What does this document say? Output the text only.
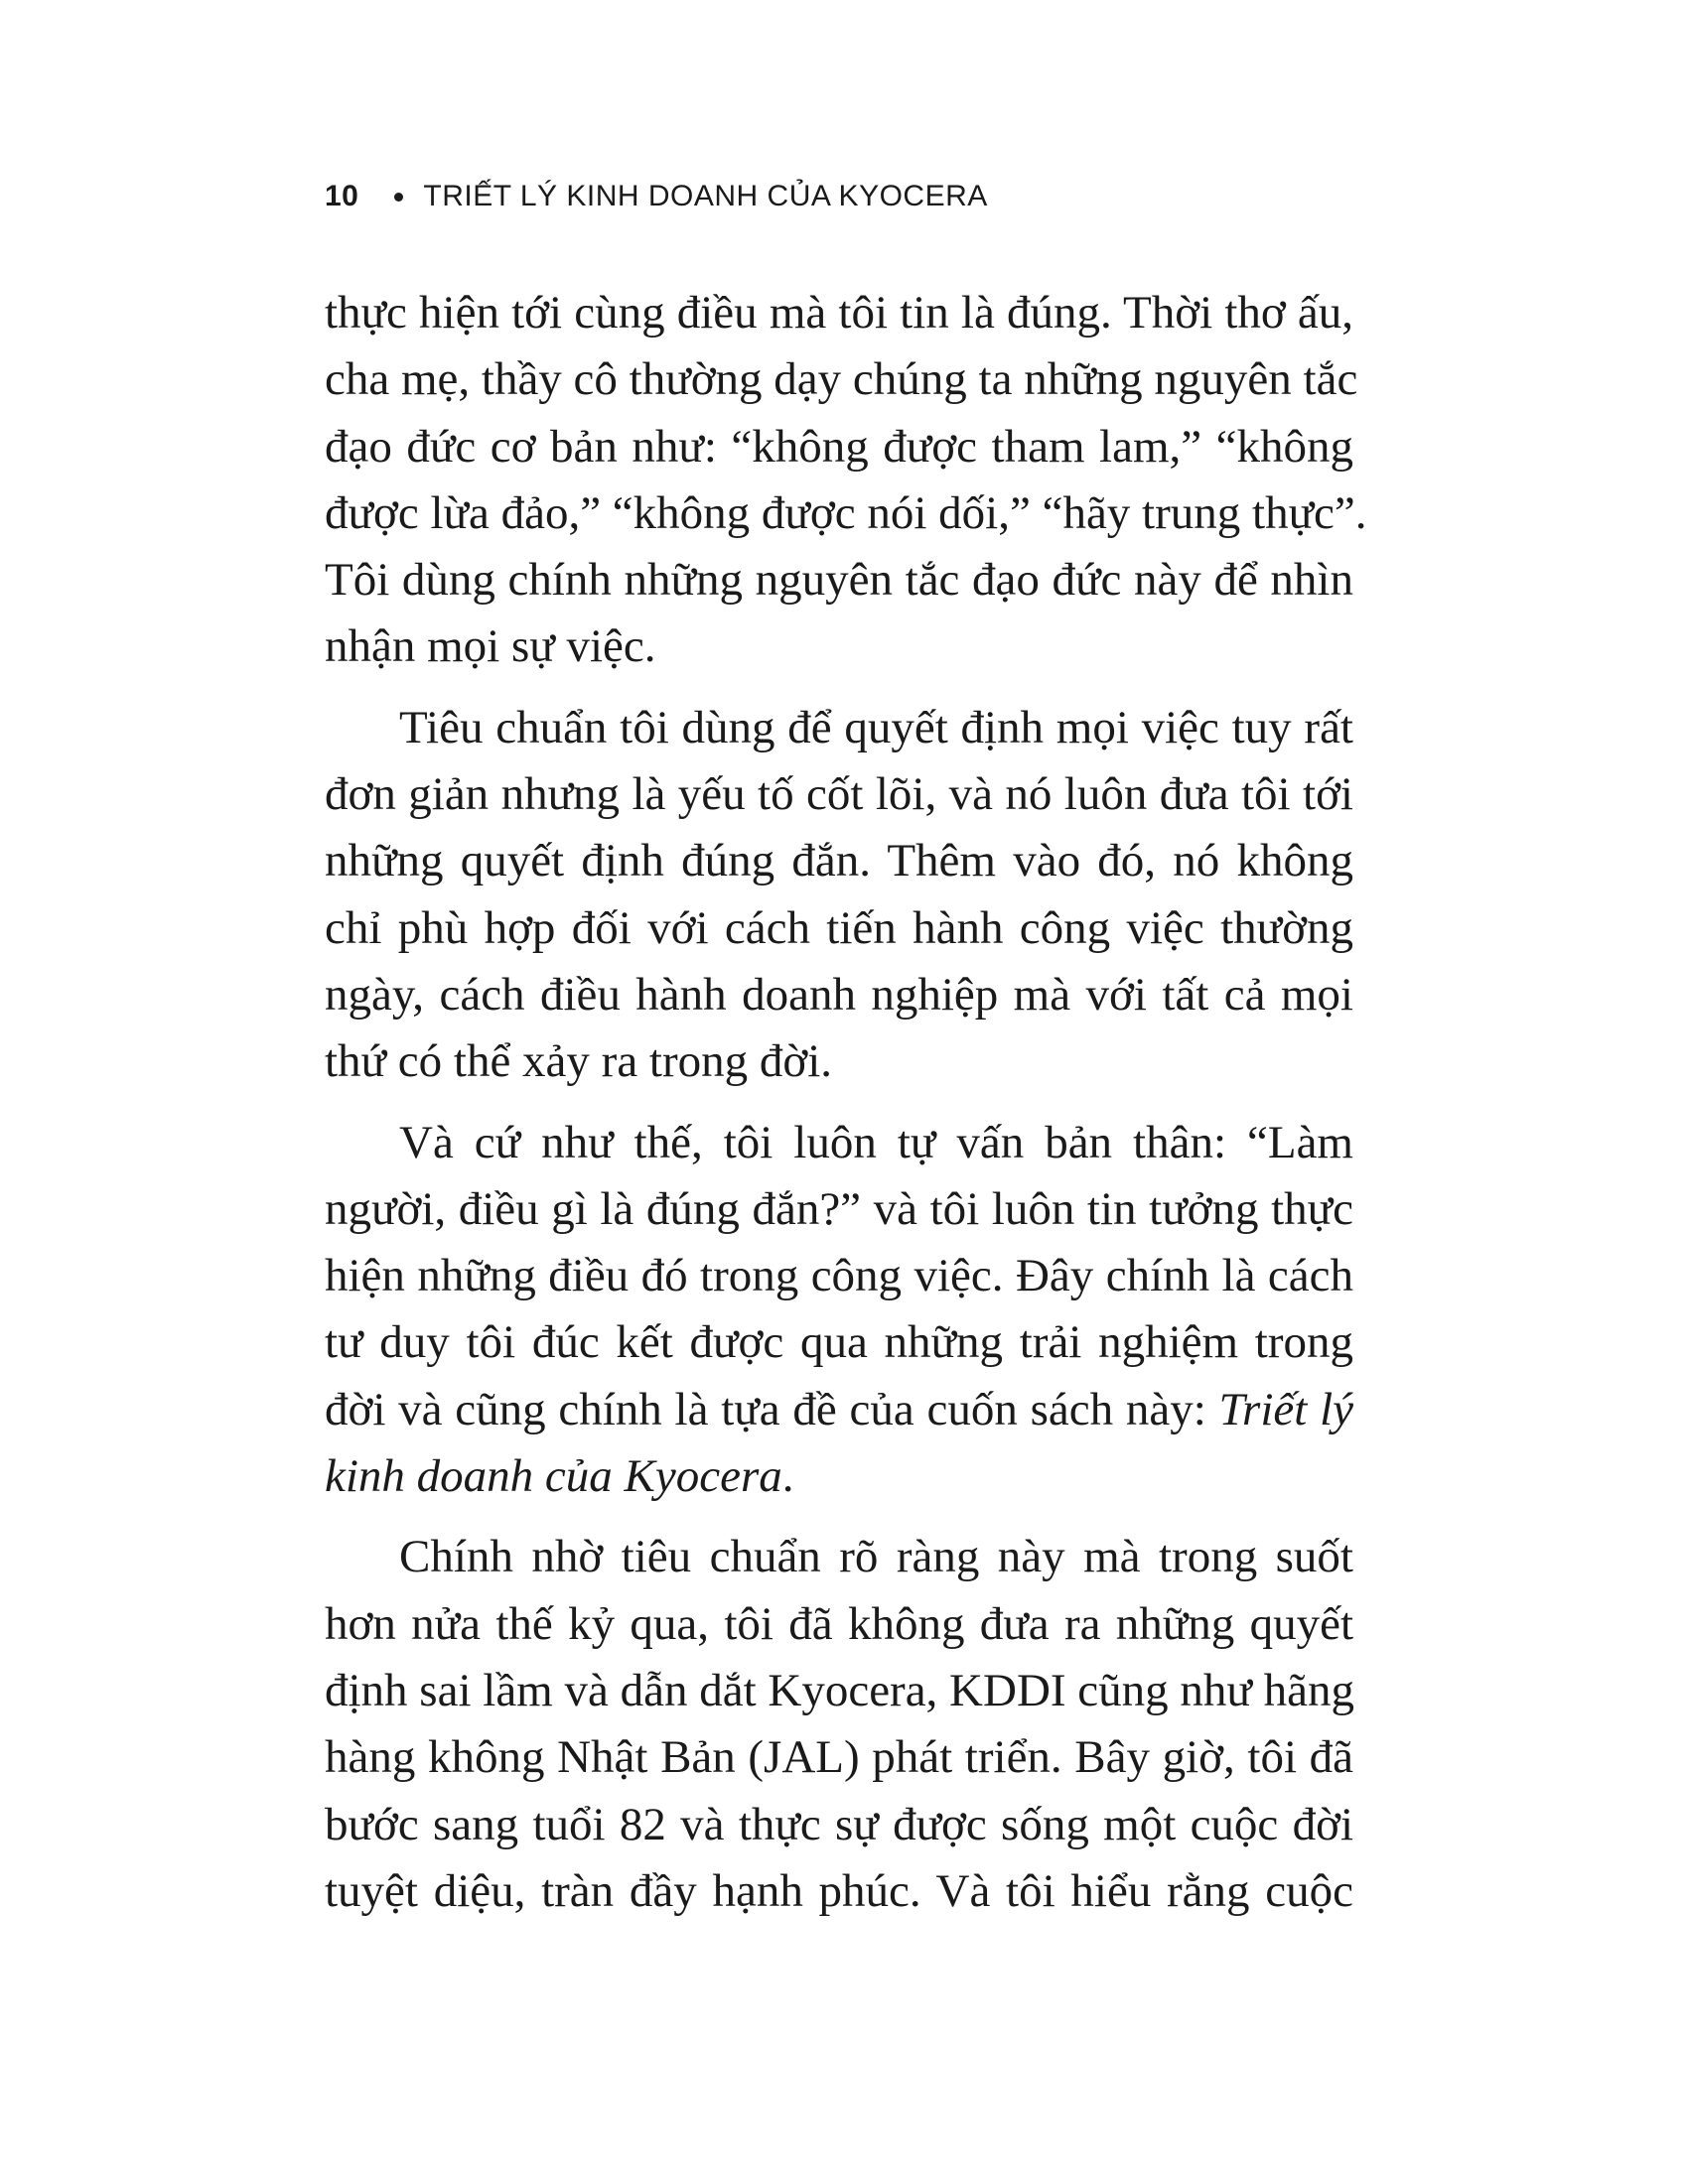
10 TRIẾT LÝ KINH DOANH CỦA KYOCERA
thực hiện tới cùng điều mà tôi tin là đúng. Thời thơ ấu,
cha mẹ, thầy cô thường dạy chúng ta những nguyên tắc
đạo đức cơ bản như: “không được tham lam,” “không
được lừa đảo,” “không được nói dối,” “hãy trung thực”.
Tôi dùng chính những nguyên tắc đạo đức này để nhìn
nhận mọi sự việc.
Tiêu chuẩn tôi dùng để quyết định mọi việc tuy rất
đơn giản nhưng là yếu tố cốt lõi, và nó luôn đưa tôi tới
những quyết định đúng đắn. Thêm vào đó, nó không
chỉ phù hợp đối với cách tiến hành công việc thường
ngày, cách điều hành doanh nghiệp mà với tất cả mọi
thứ có thể xảy ra trong đời.
Và cứ như thế, tôi luôn tự vấn bản thân: “Làm
người, điều gì là đúng đắn?” và tôi luôn tin tưởng thực
hiện những điều đó trong công việc. Đây chính là cách
tư duy tôi đúc kết được qua những trải nghiệm trong
đời và cũng chính là tựa đề của cuốn sách này: Triết lý
kinh doanh của Kyocera.
Chính nhờ tiêu chuẩn rõ ràng này mà trong suốt
hơn nửa thế kỷ qua, tôi đã không đưa ra những quyết
định sai lầm và dẫn dắt Kyocera, KDDI cũng như hãng
hàng không Nhật Bản (JAL) phát triển. Bây giờ, tôi đã
bước sang tuổi 82 và thực sự được sống một cuộc đời
tuyệt diệu, tràn đầy hạnh phúc. Và tôi hiểu rằng cuộc
